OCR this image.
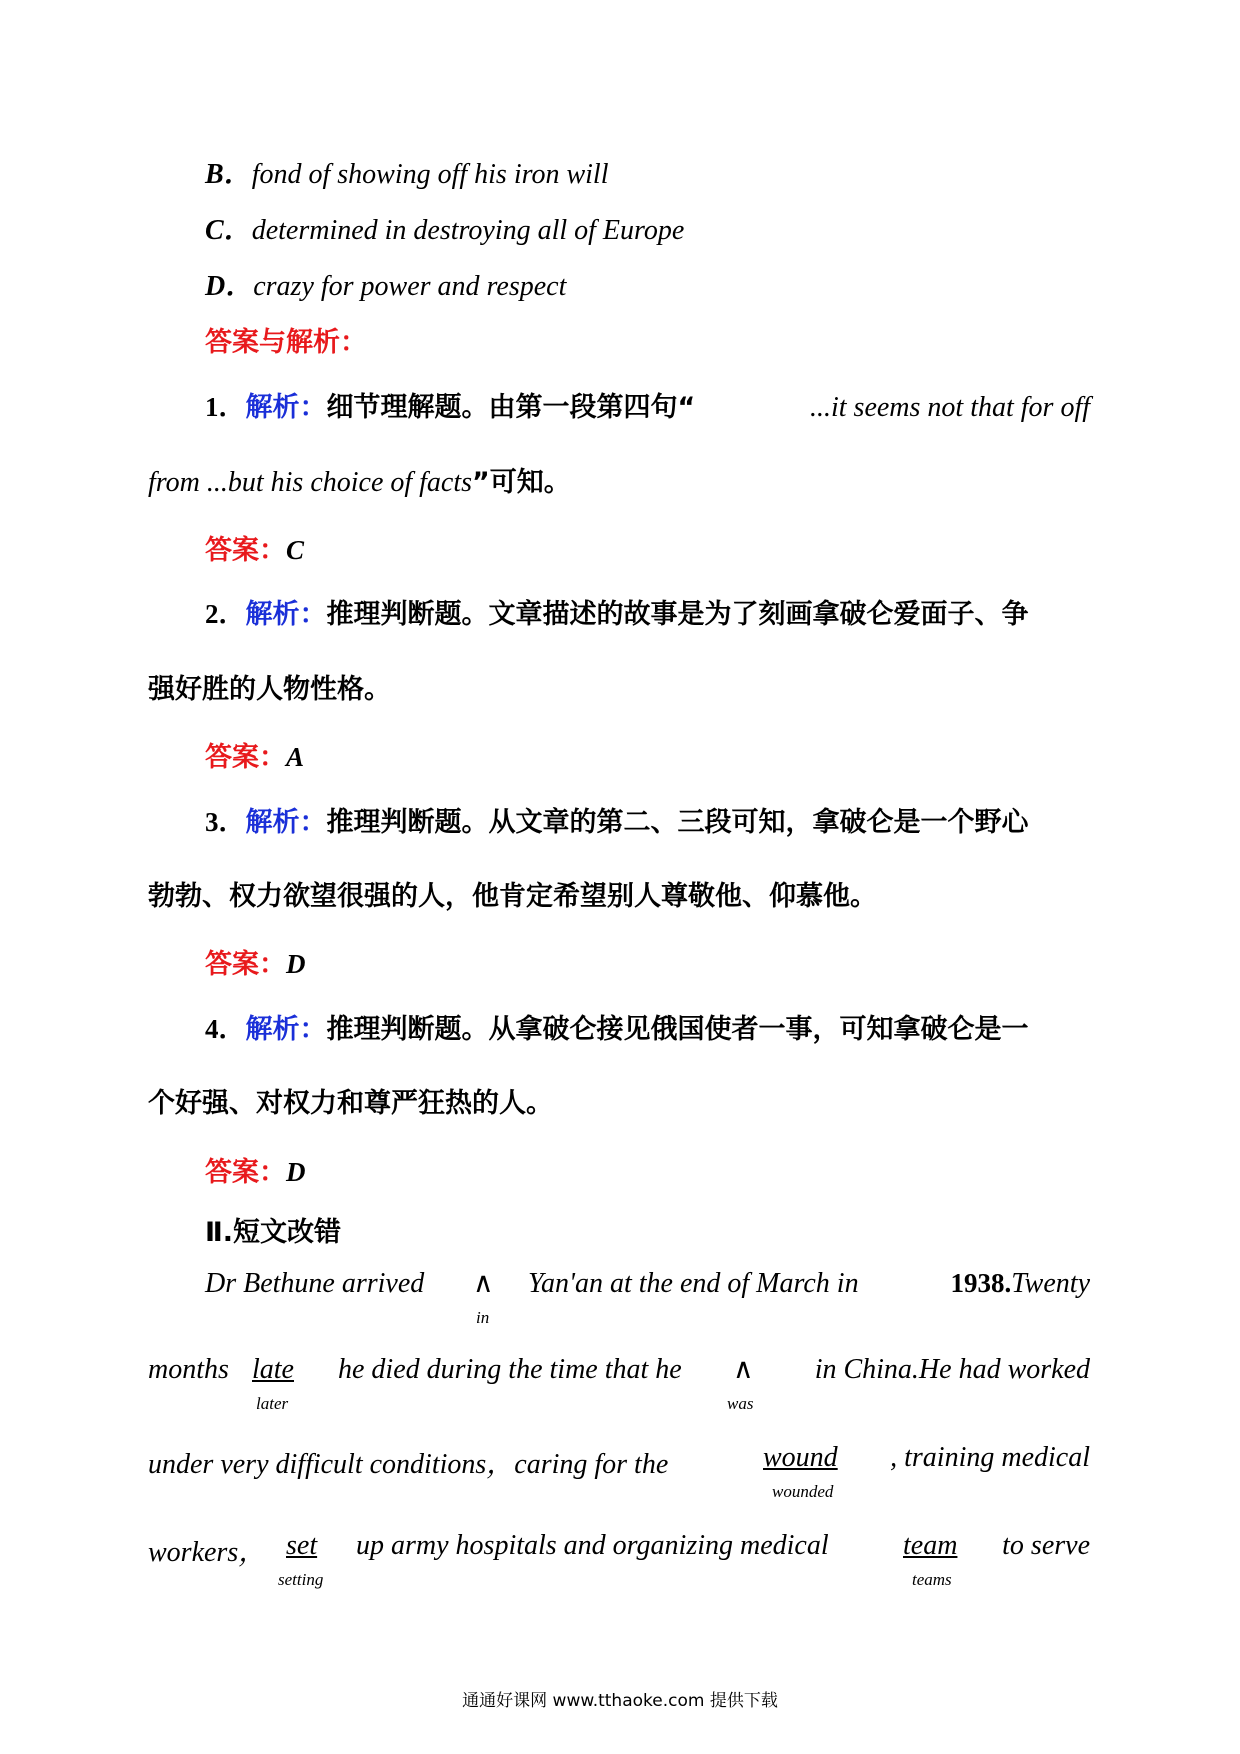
B．fond of showing off his iron will
C．determined in destroying all of Europe
D．crazy for power and respect
答案与解析：
1．解析：细节理解题。由第一段第四句“	...it seems not that for off
from ...but his choice of facts”可知。
答案：C
2．解析：推理判断题。文章描述的故事是为了刻画拿破仑爱面子、争
强好胜的人物性格。
答案：A
3．解析：推理判断题。从文章的第二、三段可知，拿破仑是一个野心
勃勃、权力欲望很强的人，他肯定希望别人尊敬他、仰慕他。
答案：D
4．解析：推理判断题。从拿破仑接见俄国使者一事，可知拿破仑是一
个好强、对权力和尊严狂热的人。
答案：D
Ⅱ.短文改错
Dr Bethune arrived ∧
in
Yan'an at the end of March in	1938.Twenty
months late
later
he died during the time that he ∧
was
in China.He had worked
under very difficult conditions，caring for the	wound
wounded
, training medical
workers， set
setting
up army hospitals and organizing medical	team
teams
to serve
通通好课网 www.tthaoke.com 提供下载
